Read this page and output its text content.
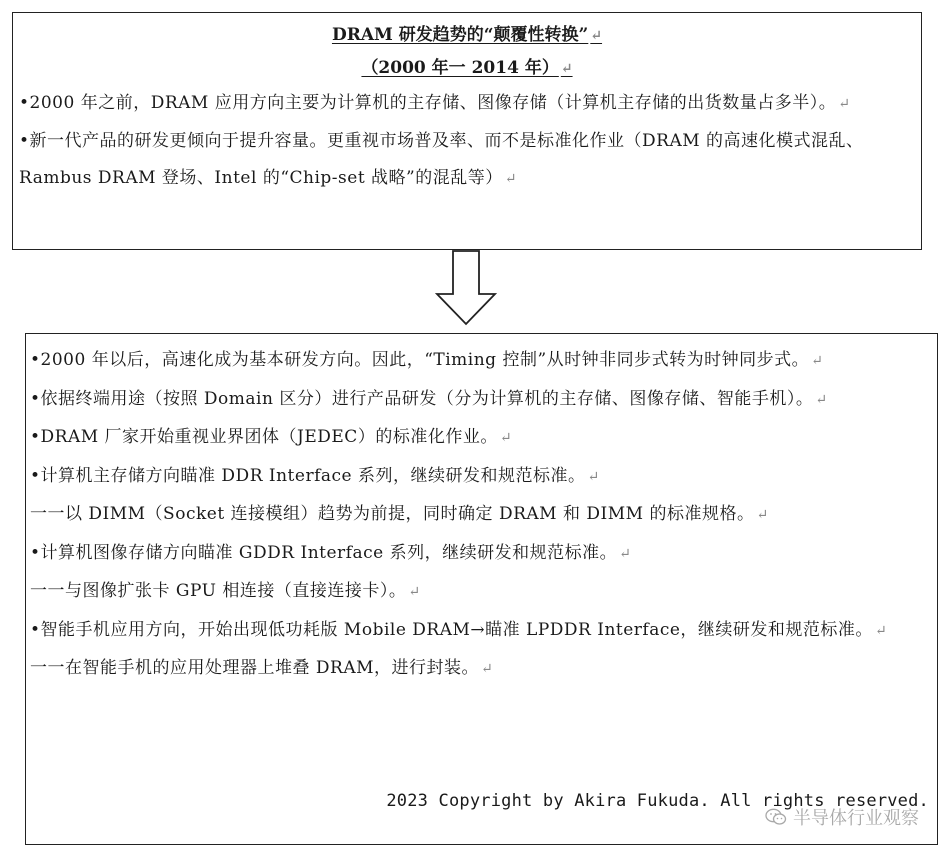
DRAM 研发趋势的“颠覆性转换” ↵
（2000 年一 2014 年） ↵

•2000 年之前，DRAM 应用方向主要为计算机的主存储、图像存储（计算机主存储的出货数量占多半）。 ↵

•新一代产品的研发更倾向于提升容量。更重视市场普及率、而不是标准化作业（DRAM 的高速化模式混乱、Rambus DRAM 登场、Intel 的“Chip-set 战略”的混乱等） ↵

•2000 年以后，高速化成为基本研发方向。因此，“Timing 控制”从时钟非同步式转为时钟同步式。 ↵

•依据终端用途（按照 Domain 区分）进行产品研发（分为计算机的主存储、图像存储、智能手机）。 ↵

•DRAM 厂家开始重视业界团体（JEDEC）的标准化作业。 ↵

•计算机主存储方向瞄准 DDR Interface 系列，继续研发和规范标准。 ↵

一一以 DIMM（Socket 连接模组）趋势为前提，同时确定 DRAM 和 DIMM 的标准规格。 ↵

•计算机图像存储方向瞄准 GDDR Interface 系列，继续研发和规范标准。 ↵

一一与图像扩张卡 GPU 相连接（直接连接卡）。 ↵

•智能手机应用方向，开始出现低功耗版 Mobile DRAM→瞄准 LPDDR Interface，继续研发和规范标准。 ↵

一一在智能手机的应用处理器上堆叠 DRAM，进行封装。 ↵

2023 Copyright by Akira Fukuda. All rights reserved.
半导体行业观察
